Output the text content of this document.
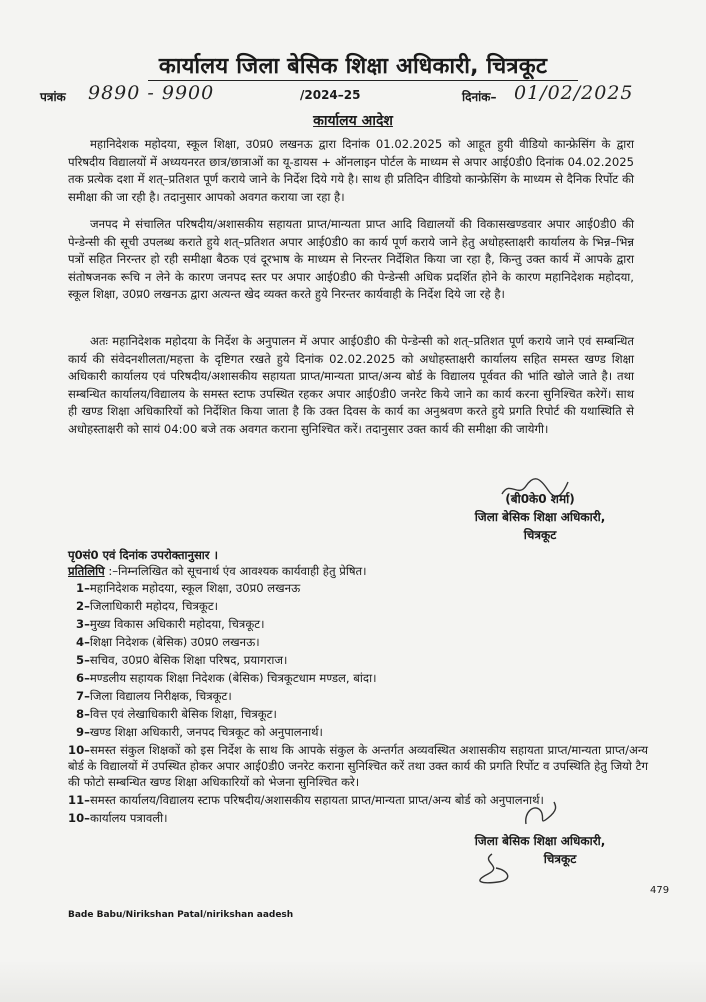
कार्यालय जिला बेसिक शिक्षा अधिकारी, चित्रकूट
पत्रांक 9890 - 9900	/2024–25	दिनांक– 01/02/2025
कार्यालय आदेश
महानिदेशक महोदया, स्कूल शिक्षा, उ0प्र0 लखनऊ द्वारा दिनांक 01.02.2025 को आहूत हुयी वीडियो कान्फ्रेसिंग के द्वारा परिषदीय विद्यालयों में अध्ययनरत छात्र/छात्राओं का यू-डायस + ऑनलाइन पोर्टल के माध्यम से अपार आई0डी0 दिनांक 04.02.2025 तक प्रत्येक दशा में शत्–प्रतिशत पूर्ण कराये जाने के निर्देश दिये गये है। साथ ही प्रतिदिन वीडियो कान्फ्रेसिंग के माध्यम से दैनिक रिर्पोट की समीक्षा की जा रही है। तदानुसार आपको अवगत कराया जा रहा है।
जनपद मे संचालित परिषदीय/अशासकीय सहायता प्राप्त/मान्यता प्राप्त आदि विद्यालयों की विकासखण्डवार अपार आई0डी0 की पेन्डेन्सी की सूची उपलब्ध कराते हुये शत्–प्रतिशत अपार आई0डी0 का कार्य पूर्ण कराये जाने हेतु अधोहस्ताक्षरी कार्यालय के भिन्न–भिन्न पत्रों सहित निरन्तर हो रही समीक्षा बैठक एवं दूरभाष के माध्यम से निरन्तर निर्देशित किया जा रहा है, किन्तु उक्त कार्य में आपके द्वारा संतोषजनक रूचि न लेने के कारण जनपद स्तर पर अपार आई0डी0 की पेन्डेन्सी अधिक प्रदर्शित होने के कारण महानिदेशक महोदया, स्कूल शिक्षा, उ0प्र0 लखनऊ द्वारा अत्यन्त खेद व्यक्त करते हुये निरन्तर कार्यवाही के निर्देश दिये जा रहे है।
अतः महानिदेशक महोदया के निर्देश के अनुपालन में अपार आई0डी0 की पेन्डेन्सी को शत्–प्रतिशत पूर्ण कराये जाने एवं सम्बन्धित कार्य की संवेदनशीलता/महत्ता के दृष्टिगत रखते हुये दिनांक 02.02.2025 को अधोहस्ताक्षरी कार्यालय सहित समस्त खण्ड शिक्षा अधिकारी कार्यालय एवं परिषदीय/अशासकीय सहायता प्राप्त/मान्यता प्राप्त/अन्य बोर्ड के विद्यालय पूर्ववत की भांति खोले जाते है। तथा सम्बन्धित कार्यालय/विद्यालय के समस्त स्टाफ उपस्थित रहकर अपार आई0डी0 जनरेट किये जाने का कार्य करना सुनिश्चित करेगें। साथ ही खण्ड शिक्षा अधिकारियों को निर्देशित किया जाता है कि उक्त दिवस के कार्य का अनुश्रवण करते हुये प्रगति रिपोर्ट की यथास्थिति से अधोहस्ताक्षरी को सायं 04:00 बजे तक अवगत कराना सुनिश्चित करें। तदानुसार उक्त कार्य की समीक्षा की जायेगी।
(बी0के0 शर्मा)
जिला बेसिक शिक्षा अधिकारी,
चित्रकूट
पृ0सं0 एवं दिनांक उपरोक्तानुसार ।
प्रतिलिपि :–निम्नलिखित को सूचनार्थ एंव आवश्यक कार्यवाही हेतु प्रेषित।
1–महानिदेशक महोदया, स्कूल शिक्षा, उ0प्र0 लखनऊ
2–जिलाधिकारी महोदय, चित्रकूट।
3–मुख्य विकास अधिकारी महोदया, चित्रकूट।
4–शिक्षा निदेशक (बेसिक) उ0प्र0 लखनऊ।
5–सचिव, उ0प्र0 बेसिक शिक्षा परिषद, प्रयागराज।
6–मण्डलीय सहायक शिक्षा निदेशक (बेसिक) चित्रकूटधाम मण्डल, बांदा।
7–जिला विद्यालय निरीक्षक, चित्रकूट।
8–वित्त एवं लेखाधिकारी बेसिक शिक्षा, चित्रकूट।
9–खण्ड शिक्षा अधिकारी, जनपद चित्रकूट को अनुपालनार्थ।
10–समस्त संकुल शिक्षकों को इस निर्देश के साथ कि आपके संकुल के अन्तर्गत अव्यवस्थित अशासकीय सहायता प्राप्त/मान्यता प्राप्त/अन्य बोर्ड के विद्यालयों में उपस्थित होकर अपार आई0डी0 जनरेट कराना सुनिश्चित करें तथा उक्त कार्य की प्रगति रिर्पोट व उपस्थिति हेतु जियो टैग की फोटो सम्बन्धित खण्ड शिक्षा अधिकारियों को भेजना सुनिश्चित करे।
11–समस्त कार्यालय/विद्यालय स्टाफ परिषदीय/अशासकीय सहायता प्राप्त/मान्यता प्राप्त/अन्य बोर्ड को अनुपालनार्थ।
10–कार्यालय पत्रावली।
जिला बेसिक शिक्षा अधिकारी,
चित्रकूट
479
Bade Babu/Nirikshan Patal/nirikshan aadesh
